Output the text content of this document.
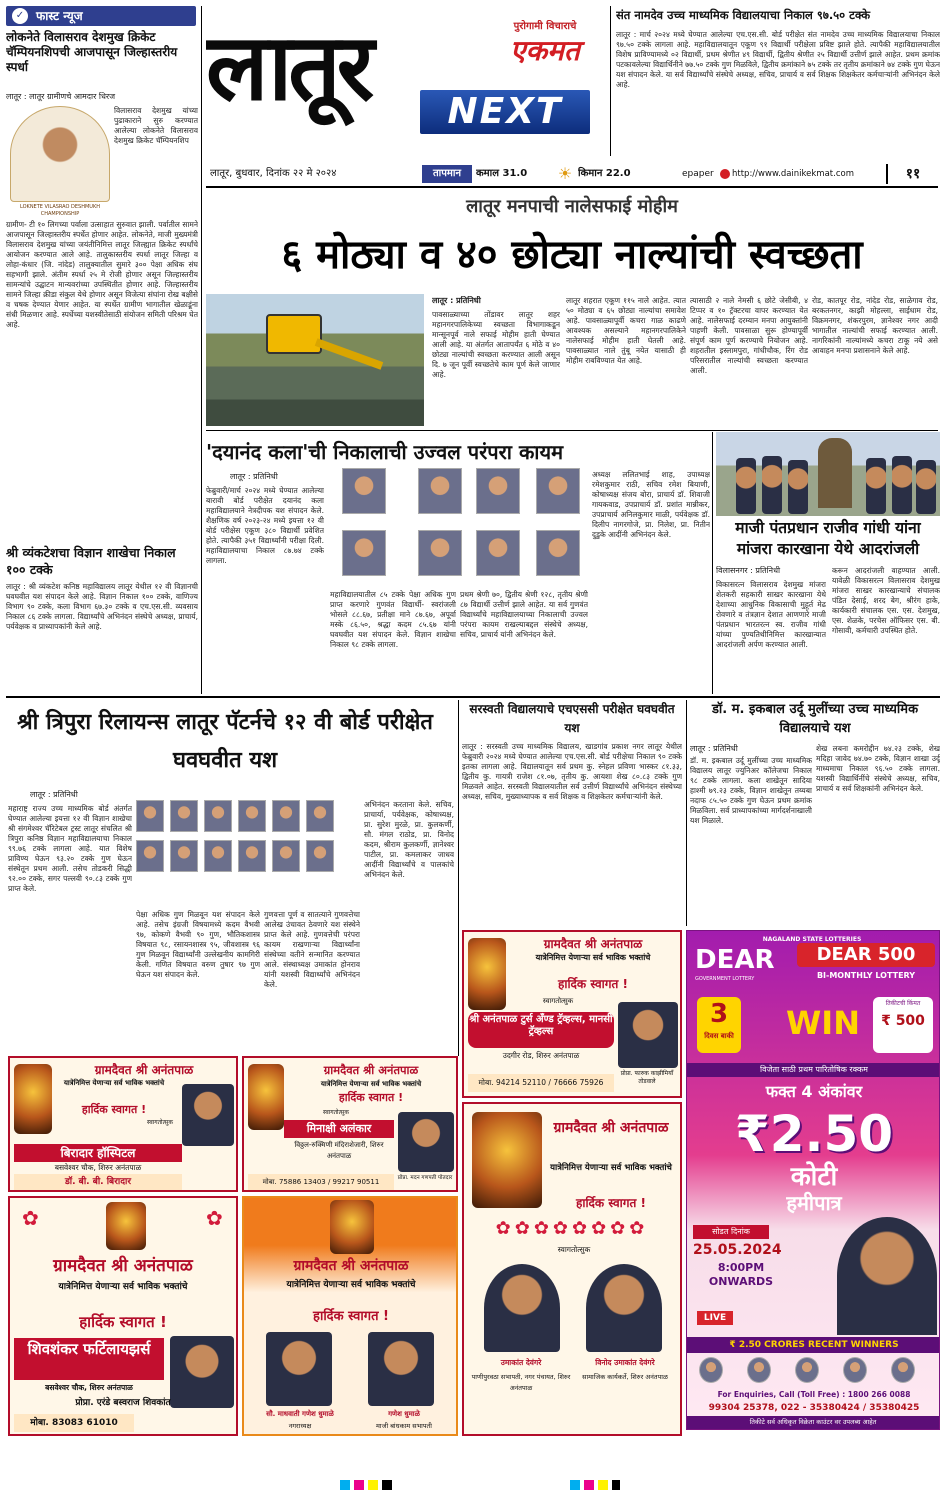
✓ फास्ट न्यूज
लोकनेते विलासराव देशमुख क्रिकेट चॅम्पियनशिपची आजपासून जिल्हास्तरीय स्पर्धा
लातूर : लातूर ग्रामीणचे आमदार धिरज
LOKNETE VILASRAO DESHMUKH CHAMPIONSHIP
विलासराव देशमुख यांच्या पुढाकाराने सुरु करण्यात आलेल्या लोकनेते विलासराव देशमुख क्रिकेट चॅम्पियनशिप
ग्रामीण- टी १० लिगच्या पर्वाला उत्साहात सुरुवात झाली. पर्वातील सामने आजपासून जिल्हास्तरीय स्पर्धेत होणार आहेत. लोकनेते, माजी मुख्यमंत्री विलासराव देशमुख यांच्या जयंतीनिमित्त लातूर जिल्ह्यात क्रिकेट स्पर्धांचे आयोजन करण्यात आले आहे. तालुकास्तरीय स्पर्धा लातूर जिल्हा व लोहा-कंधार (जि. नांदेड) तालुक्यातील सुमारे ३०० पेक्षा अधिक संघ सहभागी झाले. अंतीम स्पर्धा २५ मे रोजी होणार असून जिल्हास्तरीय सामन्यांचे उद्घाटन मान्यवरांच्या उपस्थितीत होणार आहे. जिल्हास्तरीय सामने जिल्हा क्रीडा संकुल येथे होणार असून विजेत्या संघांना रोख बक्षीसे व चषक देण्यात येणार आहेत. या स्पर्धेत ग्रामीण भागातील खेळाडूंना संधी मिळणार आहे. स्पर्धेच्या यशस्वीतेसाठी संयोजन समिती परिश्रम घेत आहे.
श्री व्यंकटेशचा विज्ञान शाखेचा निकाल १०० टक्के
लातूर : श्री व्यंकटेश कनिष्ठ महाविद्यालय लातूर येथील १२ वी विज्ञानची घवघवीत यश संपादन केले आहे. विज्ञान निकाल १०० टक्के, वाणिज्य विभाग ९० टक्के, कला विभाग ६७.३० टक्के व एच.एस.सी. व्यवसाय निकाल ८६ टक्के लागला. विद्यार्थ्यांचे अभिनंदन संस्थेचे अध्यक्ष, प्राचार्य, पर्यवेक्षक व प्राध्यापकांनी केले आहे.
लातूर	NEXT
पुरोगामी विचाराचे
एकमत
लातूर, बुधवार, दिनांक २२ मे २०२४	तापमान	कमाल 31.0	☀ किमान 22.0	epaper	http://www.dainikekmat.com	११
संत नामदेव उच्च माध्यमिक विद्यालयाचा निकाल ९७.५० टक्के
लातूर : मार्च २०२४ मध्ये घेण्यात आलेल्या एच.एस.सी. बोर्ड परीक्षेत संत नामदेव उच्च माध्यमिक विद्यालयाचा निकाल ९७.५० टक्के लागला आहे. महाविद्यालयातून एकूण ९१ विद्यार्थी परीक्षेला प्रविष्ट झाले होते. त्यापैकी महाविद्यालयातील विशेष प्राविण्यामध्ये ०२ विद्यार्थी, प्रथम श्रेणीत ४९ विद्यार्थी, द्वितीय श्रेणीत २५ विद्यार्थी उत्तीर्ण झाले आहेत. प्रथम क्रमांक पटकावलेल्या विद्यार्थिनीने ७७.५० टक्के गुण मिळविले, द्वितीय क्रमांकाने ७५ टक्के तर तृतीय क्रमांकाने ७४ टक्के गुण घेऊन यश संपादन केले. या सर्व विद्यार्थ्यांचे संस्थेचे अध्यक्ष, सचिव, प्राचार्य व सर्व शिक्षक शिक्षकेतर कर्मचाऱ्यांनी अभिनंदन केले आहे.
लातूर मनपाची नालेसफाई मोहीम
६ मोठ्या व ४० छोट्या नाल्यांची स्वच्छता
लातूर : प्रतिनिधी
पावसाळ्याच्या तोंडावर लातूर शहर महानगरपालिकेच्या स्वच्छता विभागाकडून मान्सूनपूर्व नाले सफाई मोहीम हाती घेण्यात आली आहे. या अंतर्गत आतापर्यंत ६ मोठे व ४० छोट्या नाल्यांची स्वच्छता करण्यात आली असून दि. ७ जून पूर्वी स्वच्छतेचे काम पूर्ण केले जाणार आहे.
लातूर शहरात एकूण ११५ नाले आहेत. त्यात ५० मोठ्या व ६५ छोट्या नाल्यांचा समावेश आहे. पावसाळ्यापूर्वी कचरा गाळ काढणे आवश्यक असल्याने महानगरपालिकेने नालेसफाई मोहीम हाती घेतली आहे. पावसाळ्यात नाले तुंबू नयेत यासाठी ही मोहीम राबविण्यात येत आहे.
त्यासाठी २ नाले नेमसी ६ छोटे जेसीबी, ४ टिप्पर व १० ट्रॅक्टरचा वापर करण्यात येत आहे. नालेसफाई दरम्यान मनपा आयुक्तांनी पाहणी केली. पावसाळा सुरू होण्यापूर्वी संपूर्ण काम पूर्ण करण्याचे नियोजन आहे. शहरातील इस्लामपुरा, गांधीचौक, रिंग रोड परिसरातील नाल्यांची स्वच्छता करण्यात आली.
रोड, कातपूर रोड, नांदेड रोड, साळेगाव रोड, बरकतनगर, काझी मोहल्ला, साईधाम रोड, विक्रमनगर, शंकरपुरम, ज्ञानेश्वर नगर आदी भागातील नाल्यांची सफाई करण्यात आली. नागरिकांनी नाल्यांमध्ये कचरा टाकू नये असे आवाहन मनपा प्रशासनाने केले आहे.
'दयानंद कला'ची निकालाची उज्वल परंपरा कायम
लातूर : प्रतिनिधी
फेब्रुवारी/मार्च २०२४ मध्ये घेण्यात आलेल्या बारावी बोर्ड परीक्षेत दयानंद कला महाविद्यालयाने नेत्रदीपक यश संपादन केले. शैक्षणिक वर्ष २०२३-२४ मध्ये इयत्ता १२ वी बोर्ड परीक्षेस एकूण ३८० विद्यार्थी प्रवेशित होते. त्यापैकी ३५१ विद्यार्थ्यांनी परीक्षा दिली. महाविद्यालयाचा निकाल ८७.७४ टक्के लागला.
महाविद्यालयातील ८५ टक्के पेक्षा अधिक गुण प्राप्त करणारे गुणवंत विद्यार्थी- स्वरांजली भोसले ८८.६७, प्रतीक्षा माने ८७.६७, अपूर्वा मस्के ८६.५०, श्रद्धा कदम ८५.६७ यांनी घवघवीत यश संपादन केले. विज्ञान शाखेचा निकाल ९८ टक्के लागला.
प्रथम श्रेणी ७०, द्वितीय श्रेणी १२८, तृतीय श्रेणी ८७ विद्यार्थी उत्तीर्ण झाले आहेत. या सर्व गुणवंत विद्यार्थ्यांचे महाविद्यालयाच्या निकालाची उज्वल परंपरा कायम राखल्याबद्दल संस्थेचे अध्यक्ष, सचिव, प्राचार्य यांनी अभिनंदन केले.
अध्यक्ष ललितभाई शाह, उपाध्यक्ष रमेशकुमार राठी, सचिव रमेश बियाणी, कोषाध्यक्ष संजय बोरा, प्राचार्य डॉ. शिवाजी गायकवाड, उपप्राचार्य डॉ. प्रशांत मान्नीकर, उपप्राचार्य अनिलकुमार माळी, पर्यवेक्षक डॉ. दिलीप नागरगोजे, प्रा. निलेश, प्रा. नितीन दुडुके आदींनी अभिनंदन केले.	माजी पंतप्रधान राजीव गांधी यांना मांजरा कारखाना येथे आदरांजली
विलासनगर : प्रतिनिधी
विकासरत्न विलासराव देशमुख मांजरा शेतकरी सहकारी साखर कारखाना येथे देशाच्या आधुनिक विकासाची मुहूर्त मेढ रोवणारे व तंत्रज्ञान देशात आणणारे माजी पंतप्रधान भारतरत्न स्व. राजीव गांधी यांच्या पुण्यतिथीनिमित्त कारखान्यात आदरांजली अर्पण करण्यात आली.
करून आदरांजली वाहण्यात आली. यावेळी विकासरत्न विलासराव देशमुख मांजरा साखर कारखान्याचे संचालक पंडित देसाई, शरद बेग, श्रीरंग हाके, कार्यकारी संचालक एस. एस. देशमुख, एस. शेळके, परचेस ऑफिसर एस. बी. गोसावी, कर्मचारी उपस्थित होते.
श्री त्रिपुरा रिलायन्स लातूर पॅटर्नचे १२ वी बोर्ड परीक्षेत घवघवीत यश
लातूर : प्रतिनिधी
महाराष्ट्र राज्य उच्च माध्यमिक बोर्ड अंतर्गत घेण्यात आलेल्या इयत्ता १२ वी विज्ञान शाखेचा श्री संगमेश्वर चॅरिटेबल ट्रस्ट लातूर संचलित श्री त्रिपुरा कनिष्ठ विज्ञान महाविद्यालयाचा निकाल ९९.७६ टक्के लागला आहे. यात विशेष प्राविण्य घेऊन ९३.२० टक्के गुण घेऊन संस्थेतून प्रथम आली. तसेच तोडकरी सिद्धी ९२.०० टक्के, सगर पल्लवी ९०.८३ टक्के गुण प्राप्त केले.
पेक्षा अधिक गुण मिळवून यश संपादन केले आहे. तसेच इंग्रजी विषयामध्ये कदम वैभवी ९७, कोकणे वैभवी ९० गुण, भौतिकशास्त्र विषयात ९८, रसायनशास्त्र ९५, जीवशास्त्र ९६ गुण मिळवून विद्यार्थ्यांनी उल्लेखनीय कामगिरी केली. गणित विषयात वरुण तुषार ९७ गुण घेऊन यश संपादन केले.
गुणवत्ता पूर्ण व सातत्याने गुणवत्तेचा आलेख उंचावत ठेवणारे यश संस्थेने प्राप्त केले आहे. गुणवत्तेची परंपरा कायम राखणाऱ्या विद्यार्थ्यांना संस्थेच्या वतीने सन्मानित करण्यात आले. संस्थाध्यक्ष उमाकांत होनराव यांनी यशस्वी विद्यार्थ्यांचे अभिनंदन केले.
अभिनंदन करताना केले. सचिव, प्राचार्या, पर्यवेक्षक, कोषाध्यक्ष, प्रा. सुरेश मुरळे, प्रा. कुलकर्णी, सौ. मंगल राठोड, प्रा. विनोद कदम, श्रीराम कुलकर्णी, ज्ञानेश्वर पाटील, प्रा. कमलाकर जाधव आदींनी विद्यार्थ्यांचे व पालकांचे अभिनंदन केले.
सरस्वती विद्यालयाचे एचएससी परीक्षेत घवघवीत यश
लातूर : सरस्वती उच्च माध्यमिक विद्यालय, खाडगांव प्रकाश नगर लातूर येथील फेब्रुवारी २०२४ मध्ये घेण्यात आलेल्या एच.एस.सी. बोर्ड परीक्षेचा निकाल ९० टक्के इतका लागला आहे. विद्यालयातून सर्व प्रथम कु. स्नेहल प्रविणा भास्कर ८१.३३, द्वितीय कु. गायत्री राजेश ८१.०७, तृतीय कु. आयशा शेख ८०.८३ टक्के गुण मिळवले आहेत. सरस्वती विद्यालयातील सर्व उत्तीर्ण विद्यार्थ्यांचे अभिनंदन संस्थेच्या अध्यक्ष, सचिव, मुख्याध्यापक व सर्व शिक्षक व शिक्षकेतर कर्मचाऱ्यांनी केले.
डॉ. म. इकबाल उर्दू मुलींच्या उच्च माध्यमिक विद्यालयाचे यश
लातूर : प्रतिनिधी
डॉ. म. इकबाल उर्दू मुलींच्या उच्च माध्यमिक विद्यालय लातूर ज्युनिअर कॉलेजचा निकाल ९८ टक्के लागला. कला शाखेतून सादिया हाश्मी ७९.२३ टक्के, विज्ञान शाखेतून तय्यबा नदाफ ८५.५० टक्के गुण घेऊन प्रथम क्रमांक मिळविला. सर्व प्राध्यापकांच्या मार्गदर्शनाखाली यश मिळाले.
शेख लबना कमरोद्दीन ७४.२३ टक्के, शेख मदिहा जावेद ७४.७० टक्के, विज्ञान शाखा उर्दू माध्यमाचा निकाल ९६.५० टक्के लागला. यशस्वी विद्यार्थिनींचे संस्थेचे अध्यक्ष, सचिव, प्राचार्य व सर्व शिक्षकांनी अभिनंदन केले.
ग्रामदैवत श्री अनंतपाळ
यात्रेनिमित्त येणाऱ्या सर्व भाविक भक्तांचे
हार्दिक स्वागत !
स्वागतोत्सुक
श्री अनंतपाळ टुर्स अँण्ड ट्रॅव्हल्स, मानसी ट्रॅव्हल्स
उदगीर रोड, शिरुर अनंतपाळ
प्रोप्रा. फारुक काझीमियाँ तोडवाले
मोबा. 94214 52110 / 76666 75926
NAGALAND STATE LOTTERIES
DEAR
GOVERNMENT LOTTERY
DEAR 500
BI-MONTHLY LOTTERY
3
दिवस बाकी WIN
तिकीटची किंमत
₹ 500
विजेता साठी प्रथम पारितोषिक रक्कम
फक्त 4 अंकांवर
₹2.50
कोटी
हमीपात्र
सोडत दिनांक
25.05.2024
8:00PM ONWARDS
LIVE
₹ 2.50 CRORES RECENT WINNERS
For Enquiries, Call (Toll Free) : 1800 266 0088
99304 25378, 022 - 35380424 / 35380425
तिकीटे सर्व अधिकृत विक्रेता काउंटर वर उपलब्ध आहेत
ग्रामदैवत श्री अनंतपाळ
यात्रेनिमित्त येणाऱ्या सर्व भाविक भक्तांचे
हार्दिक स्वागत !
स्वागतोत्सुक
बिरादार हॉस्पिटल
बसवेश्वर चौक, शिरुर अनंतपाळ
डॉ. बी. बी. बिरादार
ग्रामदैवत श्री अनंतपाळ
यात्रेनिमित्त येणाऱ्या सर्व भाविक भक्तांचे
हार्दिक स्वागत !
स्वागतोत्सुक
मिनाक्षी अलंकार
विठ्ठल-रुक्मिणी मंदिराशेजारी, शिरुर अनंतपाळ
मोबा. 75886 13403 / 99217 90511	प्रोप्रा. मदन गणपती पोतदार
✿	✿
ग्रामदैवत श्री अनंतपाळ
यात्रेनिमित्त येणाऱ्या सर्व भाविक भक्तांचे
हार्दिक स्वागत !
शिवशंकर फर्टिलायझर्स
बसवेश्वर चौक, शिरुर अनंतपाळ
प्रोप्रा. एरंडे बस्वराज शिवकांत
मोबा. 83083 61010
ग्रामदैवत श्री अनंतपाळ
यात्रेनिमित्त येणाऱ्या सर्व भाविक भक्तांचे
हार्दिक स्वागत !
सौ. माधवाती गणेश धुमाळे
नगराध्यक्ष
गणेश धुमाळे
माजी बांधकाम सभापती
ग्रामदैवत श्री अनंतपाळ
यात्रेनिमित्त येणाऱ्या सर्व भाविक भक्तांचे
हार्दिक स्वागत !
✿✿✿✿✿✿✿✿
स्वागतोत्सुक
उमाकांत देवंगरे
पाणीपुरवठा सभापती, नगर पंचायत, शिरुर अनंतपाळ
विनोद उमाकांत देवंगरे
सामाजिक कार्यकर्ते, शिरुर अनंतपाळ
